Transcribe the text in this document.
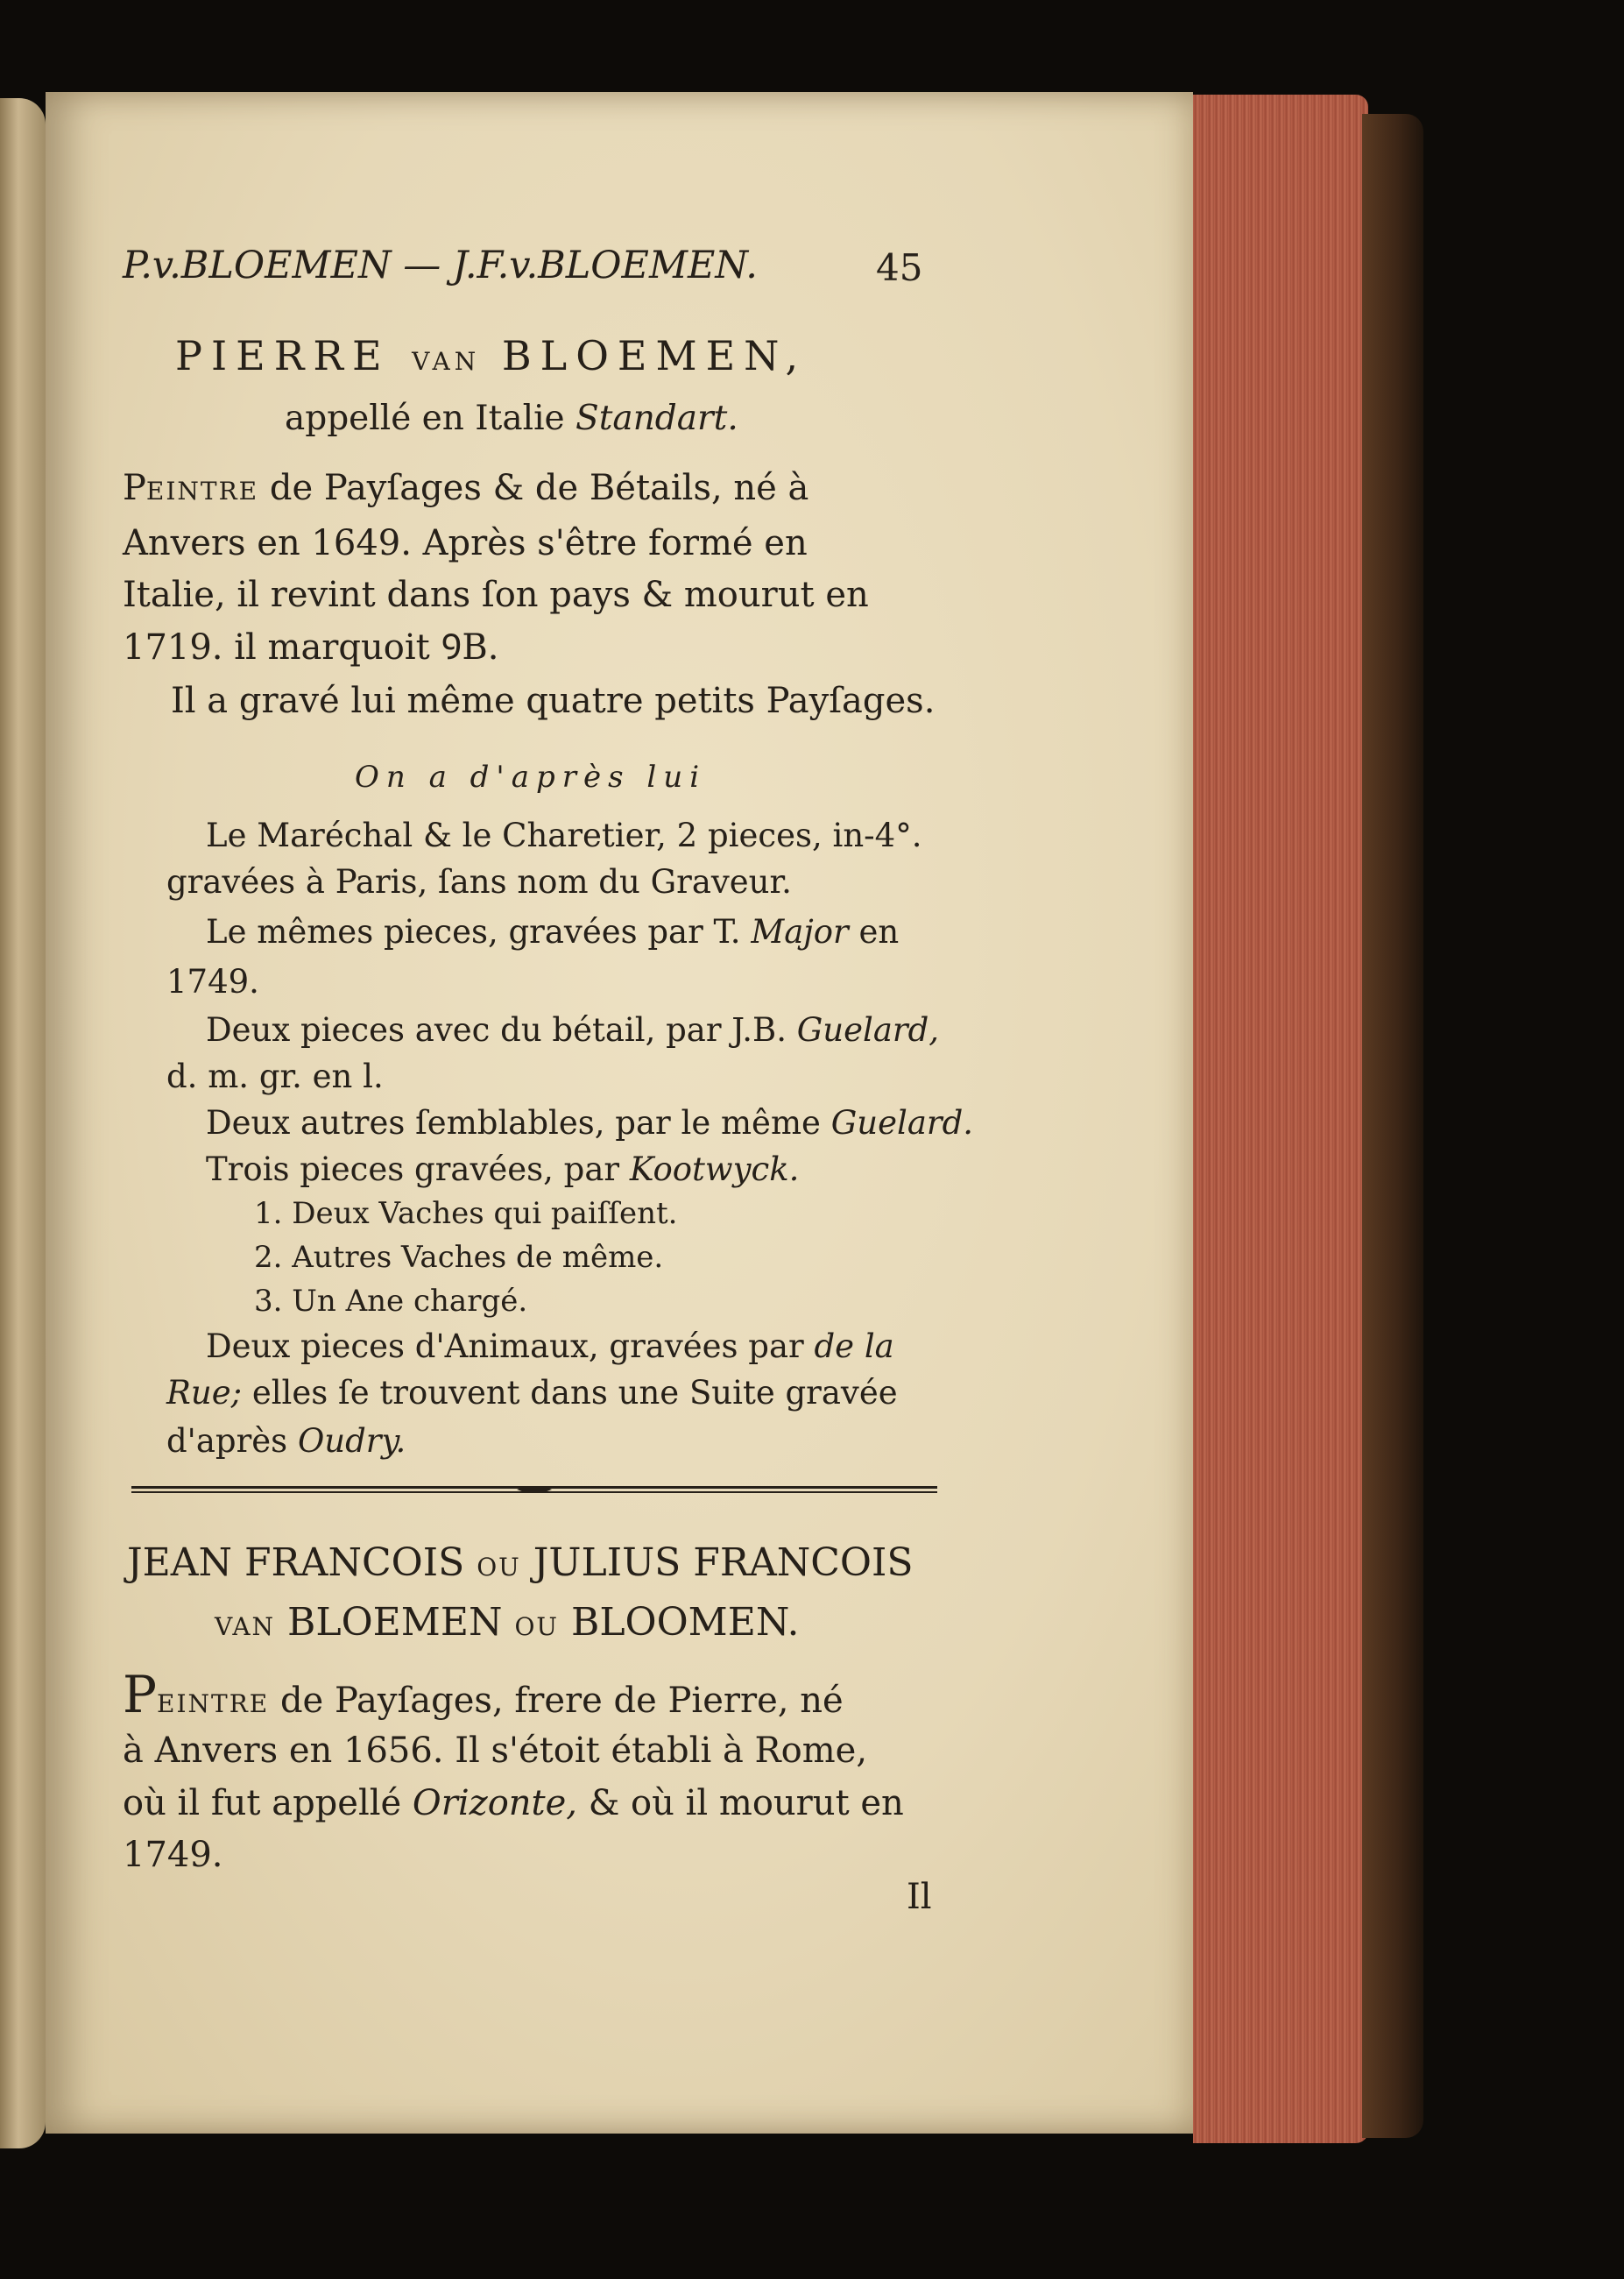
P.v.BLOEMEN — J.F.v.BLOEMEN.	45
PIERRE VAN BLOEMEN,
appellé en Italie Standart.
PEINTRE de Payſages & de Bétails, né à
Anvers en 1649. Après s'être formé en
Italie, il revint dans ſon pays & mourut en
1719. il marquoit ꝮB.
Il a gravé lui même quatre petits Payſages.
On a d'après lui
Le Maréchal & le Charetier, 2 pieces, in-4°.
gravées à Paris, ſans nom du Graveur.
Le mêmes pieces, gravées par T. Major en
1749.
Deux pieces avec du bétail, par J.B. Guelard,
d. m. gr. en l.
Deux autres ſemblables, par le même Guelard.
Trois pieces gravées, par Kootwyck.
1. Deux Vaches qui paiſſent.
2. Autres Vaches de même.
3. Un Ane chargé.
Deux pieces d'Animaux, gravées par de la
Rue; elles ſe trouvent dans une Suite gravée
d'après Oudry.
JEAN FRANCOIS OU JULIUS FRANCOIS
VAN BLOEMEN OU BLOOMEN.
PEINTRE de Payſages, frere de Pierre, né
à Anvers en 1656. Il s'étoit établi à Rome,
où il fut appellé Orizonte, & où il mourut en
1749.
Il
